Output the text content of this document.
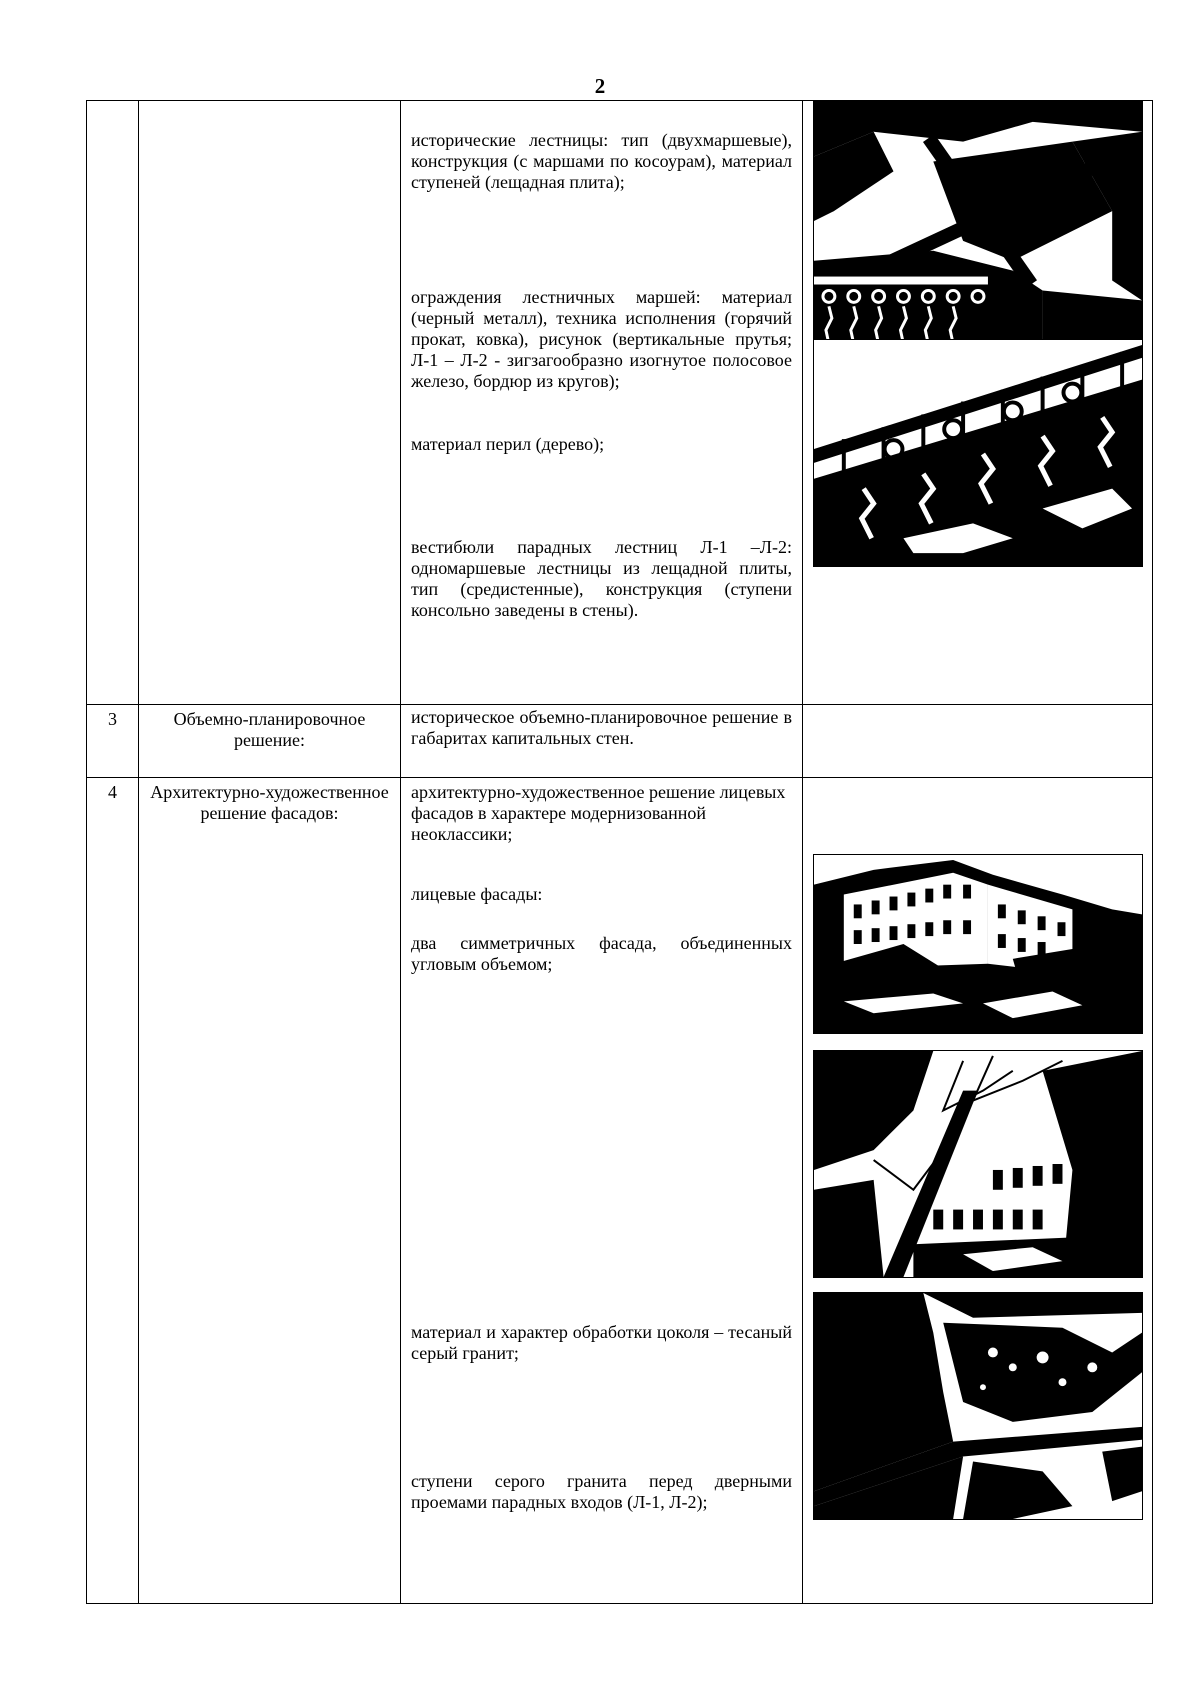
2

		исторические лестницы: тип (двухмаршевые), конструкция (с маршами по косоурам), материал ступеней (лещадная плита);

ограждения лестничных маршей: материал (черный металл), техника исполнения (горячий прокат, ковка), рисунок (вертикальные прутья; Л-1 – Л-2 - зигзагообразно изогнутое полосовое железо, бордюр из кругов);

материал перил (дерево);

вестибюли парадных лестниц Л-1 –Л-2: одномаршевые лестницы из лещадной плиты, тип (средистенные), конструкция (ступени консольно заведены в стены).

3	Объемно-планировочное решение:	историческое объемно-планировочное решение в габаритах капитальных стен.	

4	Архитектурно-художественное решение фасадов:	архитектурно-художественное решение лицевых фасадов в характере модернизованной неоклассики;

лицевые фасады:

два симметричных фасада, объединенных угловым объемом;

материал и характер обработки цоколя – тесаный серый гранит;

ступени серого гранита перед дверными проемами парадных входов (Л-1, Л-2);
